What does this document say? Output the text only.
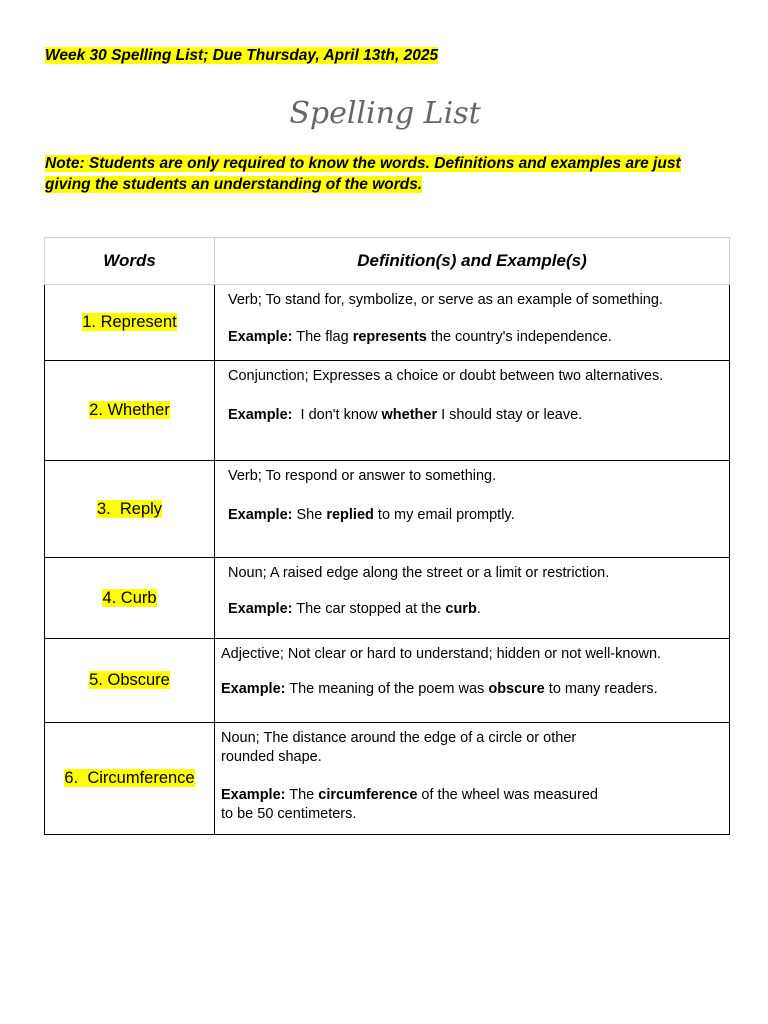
Week 30 Spelling List; Due Thursday, April 13th, 2025
Spelling List
Note: Students are only required to know the words. Definitions and examples are just giving the students an understanding of the words.
Words	Definition(s) and Example(s)
1. Represent	Verb; To stand for, symbolize, or serve as an example of something.
Example: The flag represents the country's independence.

2. Whether	Conjunction; Expresses a choice or doubt between two alternatives.
Example:  I don't know whether I should stay or leave.

3.  Reply	Verb; To respond or answer to something.
Example: She replied to my email promptly.

4. Curb	Noun; A raised edge along the street or a limit or restriction.
Example: The car stopped at the curb.

5. Obscure	Adjective; Not clear or hard to understand; hidden or not well-known.
Example: The meaning of the poem was obscure to many readers.

6.  Circumference	Noun; The distance around the edge of a circle or other rounded shape.
Example: The circumference of the wheel was measured to be 50 centimeters.
